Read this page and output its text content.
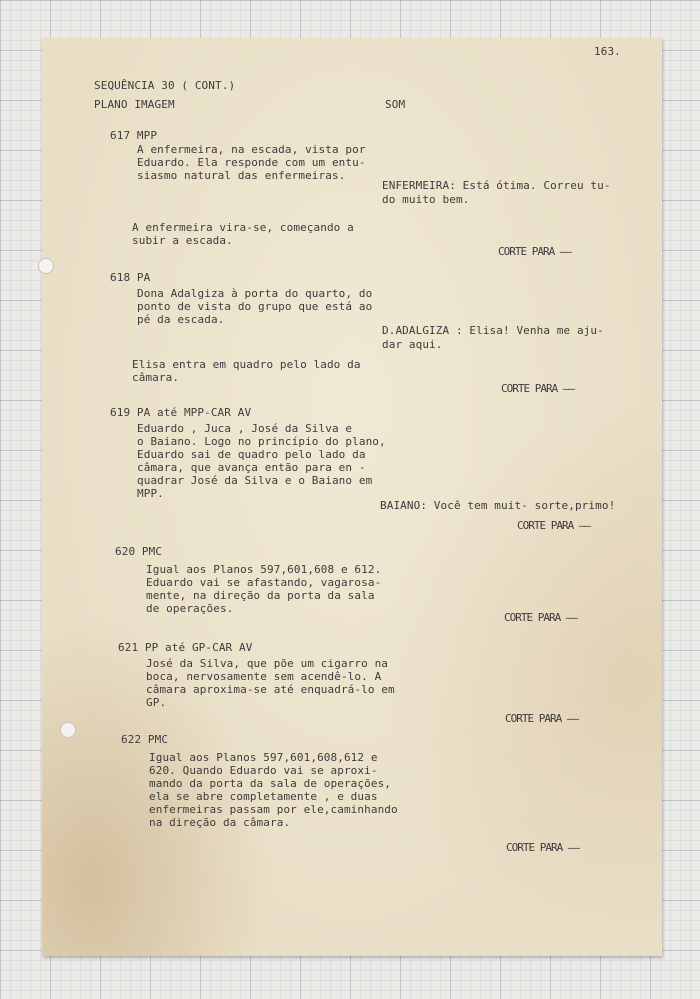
163.
SEQUÊNCIA 30 ( CONT.)
PLANO IMAGEM	SOM
617 MPP
A enfermeira, na escada, vista por
Eduardo. Ela responde com um entu-
siasmo natural das enfermeiras.
ENFERMEIRA: Está ótima. Correu tu-
do muito bem.
A enfermeira vira-se, começando a
subir a escada.
CORTE PARA ——
618 PA
Dona Adalgiza à porta do quarto, do
ponto de vista do grupo que está ao
pé da escada.
D.ADALGIZA : Elisa! Venha me aju-
dar aqui.
Elisa entra em quadro pelo lado da
câmara.
CORTE PARA ——
619 PA até MPP-CAR AV
Eduardo , Juca , José da Silva e
o Baiano. Logo no princípio do plano,
Eduardo sai de quadro pelo lado da
câmara, que avança então para en -
quadrar José da Silva e o Baiano em
MPP.
BAIANO: Você tem muit- sorte,primo!
CORTE PARA ——
620 PMC
Igual aos Planos 597,601,608 e 612.
Eduardo vai se afastando, vagarosa-
mente, na direção da porta da sala
de operações.
CORTE PARA ——
621 PP até GP-CAR AV
José da Silva, que põe um cigarro na
boca, nervosamente sem acendê-lo. A
câmara aproxima-se até enquadrá-lo em
GP.
CORTE PARA ——
622 PMC
Igual aos Planos 597,601,608,612 e
620. Quando Eduardo vai se aproxi-
mando da porta da sala de operações,
ela se abre completamente , e duas
enfermeiras passam por ele,caminhando
na direção da câmara.
CORTE PARA ——
